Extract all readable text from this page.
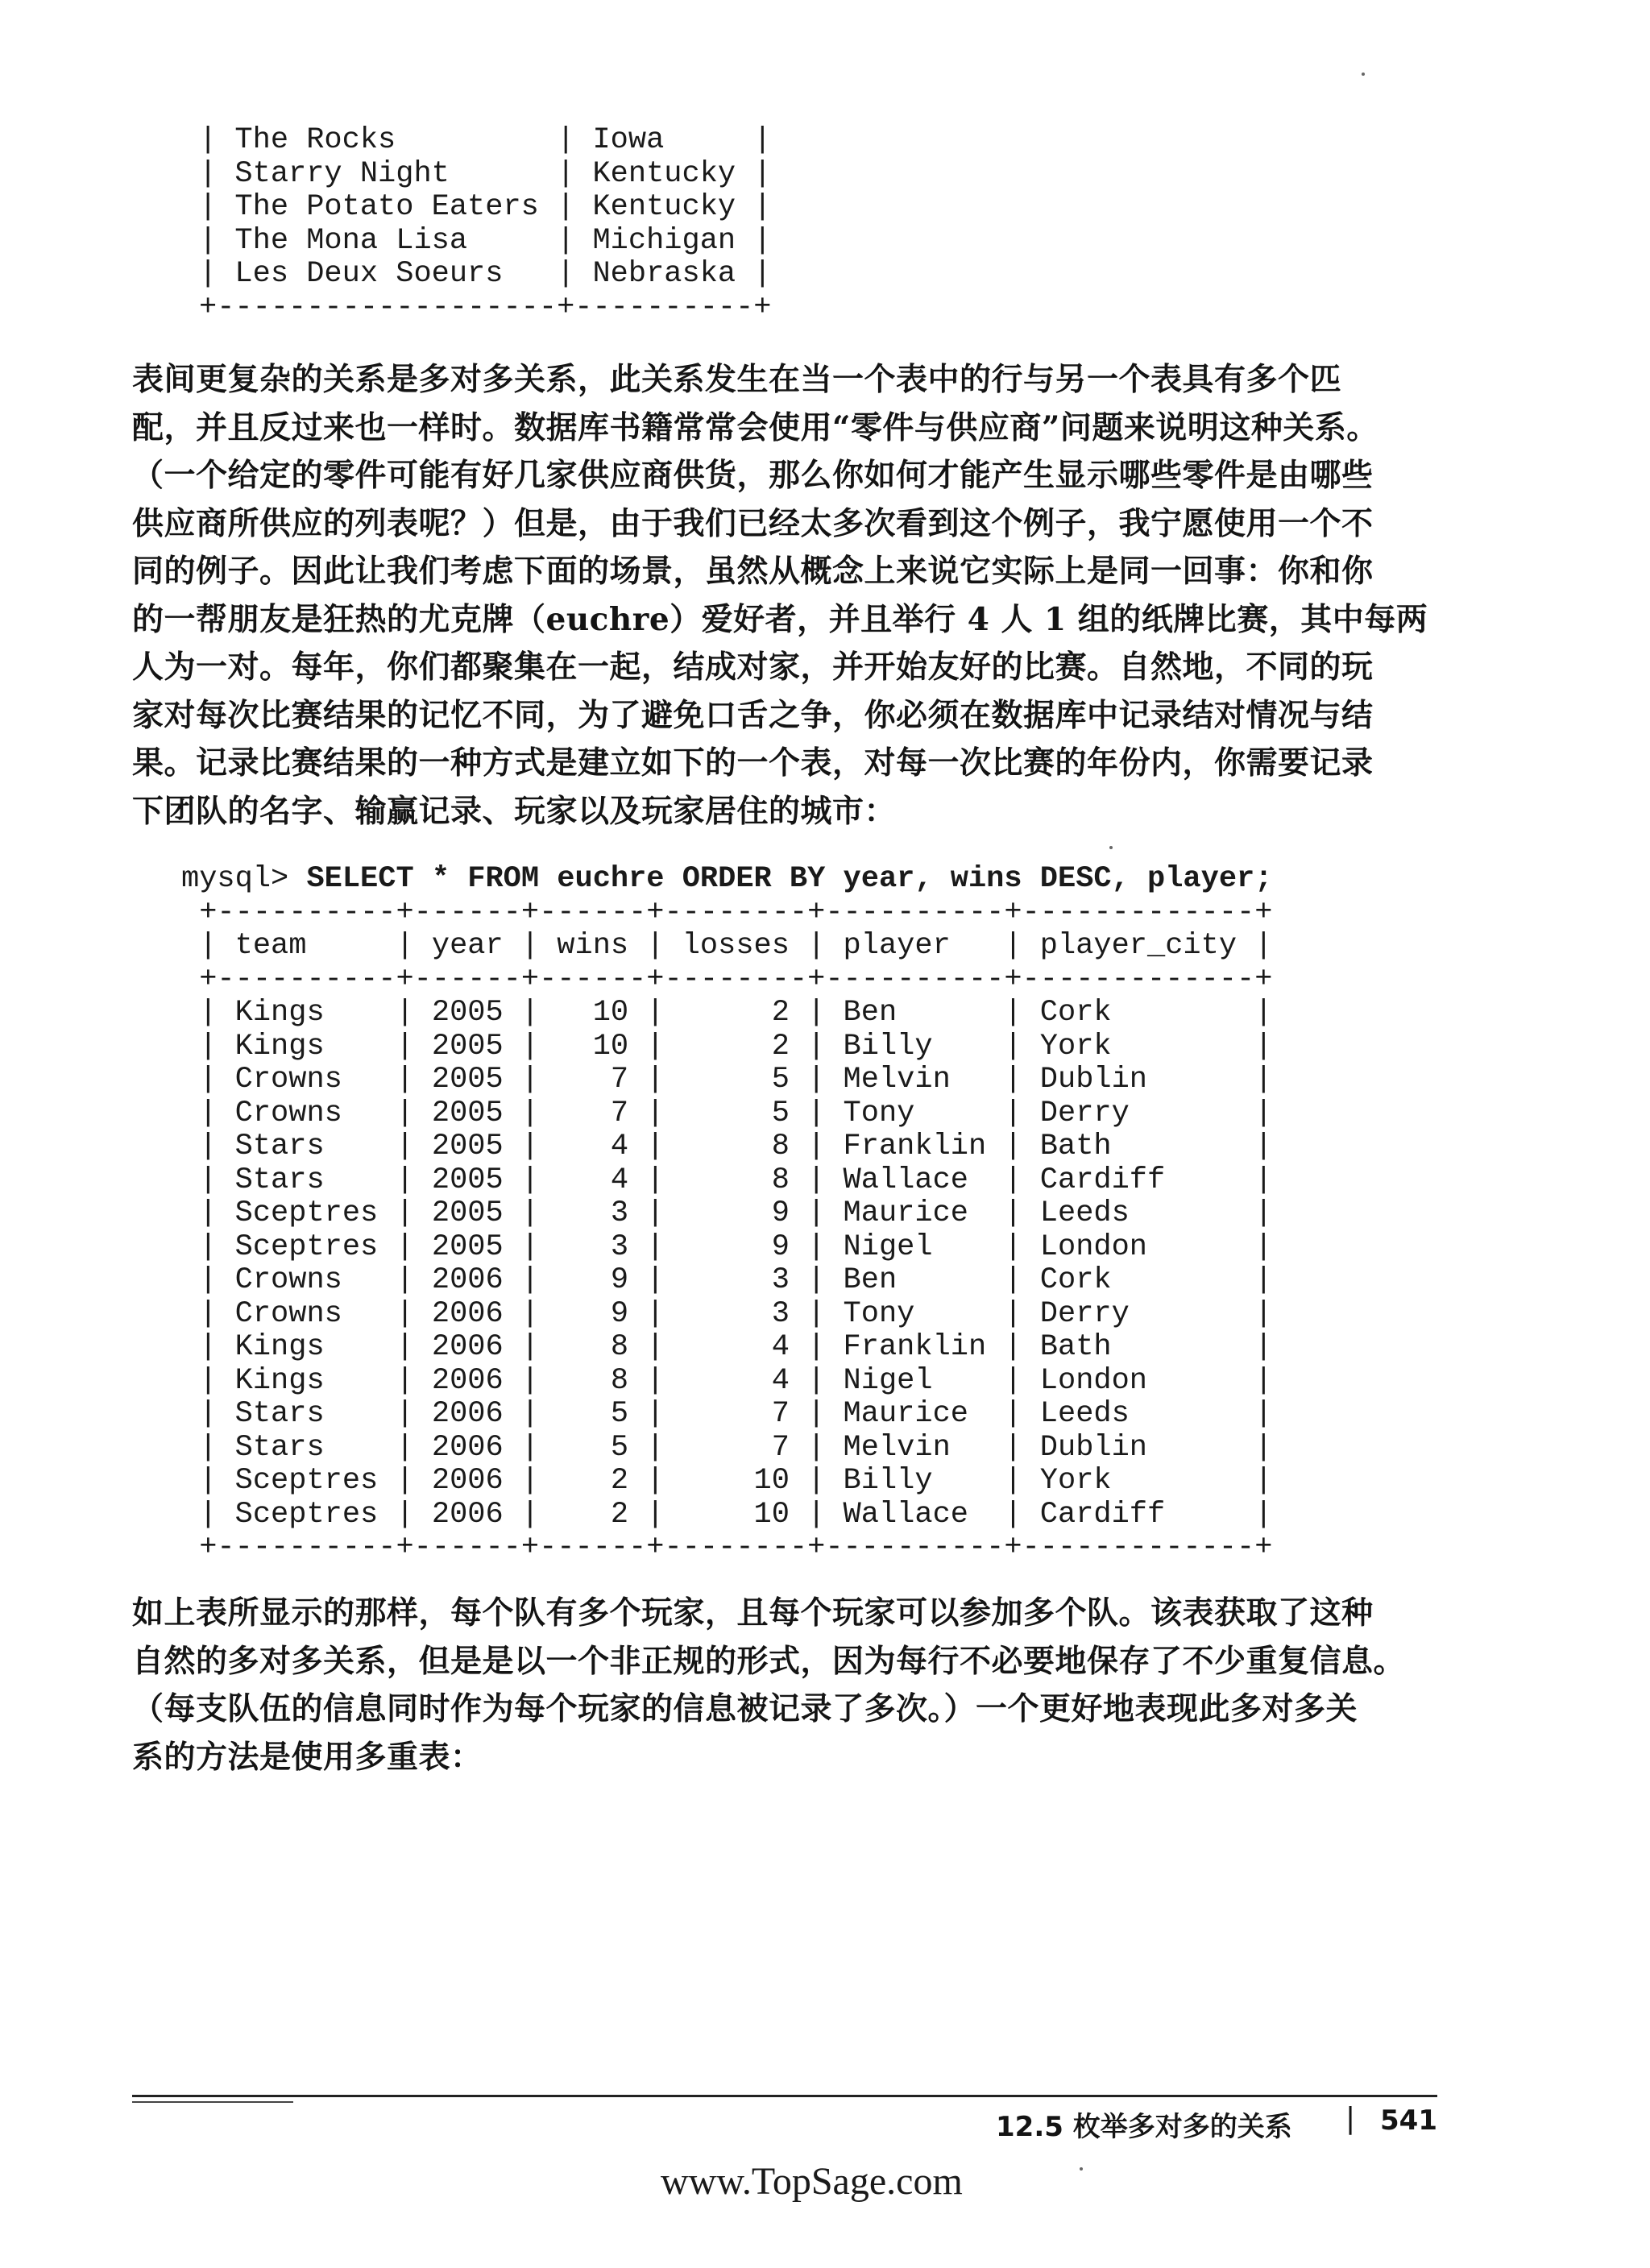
| The Rocks         | Iowa     |
| Starry Night      | Kentucky |
| The Potato Eaters | Kentucky |
| The Mona Lisa     | Michigan |
| Les Deux Soeurs   | Nebraska |
+-------------------+----------+
表间更复杂的关系是多对多关系，此关系发生在当一个表中的行与另一个表具有多个匹
配，并且反过来也一样时。数据库书籍常常会使用“零件与供应商”问题来说明这种关系。
（一个给定的零件可能有好几家供应商供货，那么你如何才能产生显示哪些零件是由哪些
供应商所供应的列表呢？）但是，由于我们已经太多次看到这个例子，我宁愿使用一个不
同的例子。因此让我们考虑下面的场景，虽然从概念上来说它实际上是同一回事：你和你
的一帮朋友是狂热的尤克牌（euchre）爱好者，并且举行 4 人 1 组的纸牌比赛，其中每两
人为一对。每年，你们都聚集在一起，结成对家，并开始友好的比赛。自然地，不同的玩
家对每次比赛结果的记忆不同，为了避免口舌之争，你必须在数据库中记录结对情况与结
果。记录比赛结果的一种方式是建立如下的一个表，对每一次比赛的年份内，你需要记录
下团队的名字、输赢记录、玩家以及玩家居住的城市：
mysql> SELECT * FROM euchre ORDER BY year, wins DESC, player;
+----------+------+------+--------+----------+-------------+
| team     | year | wins | losses | player   | player_city |
+----------+------+------+--------+----------+-------------+
| Kings    | 2005 |   10 |      2 | Ben      | Cork        |
| Kings    | 2005 |   10 |      2 | Billy    | York        |
| Crowns   | 2005 |    7 |      5 | Melvin   | Dublin      |
| Crowns   | 2005 |    7 |      5 | Tony     | Derry       |
| Stars    | 2005 |    4 |      8 | Franklin | Bath        |
| Stars    | 2005 |    4 |      8 | Wallace  | Cardiff     |
| Sceptres | 2005 |    3 |      9 | Maurice  | Leeds       |
| Sceptres | 2005 |    3 |      9 | Nigel    | London      |
| Crowns   | 2006 |    9 |      3 | Ben      | Cork        |
| Crowns   | 2006 |    9 |      3 | Tony     | Derry       |
| Kings    | 2006 |    8 |      4 | Franklin | Bath        |
| Kings    | 2006 |    8 |      4 | Nigel    | London      |
| Stars    | 2006 |    5 |      7 | Maurice  | Leeds       |
| Stars    | 2006 |    5 |      7 | Melvin   | Dublin      |
| Sceptres | 2006 |    2 |     10 | Billy    | York        |
| Sceptres | 2006 |    2 |     10 | Wallace  | Cardiff     |
+----------+------+------+--------+----------+-------------+
如上表所显示的那样，每个队有多个玩家，且每个玩家可以参加多个队。该表获取了这种
自然的多对多关系，但是是以一个非正规的形式，因为每行不必要地保存了不少重复信息。
（每支队伍的信息同时作为每个玩家的信息被记录了多次。）一个更好地表现此多对多关
系的方法是使用多重表：
12.5 枚举多对多的关系 | 541
www.TopSage.com
